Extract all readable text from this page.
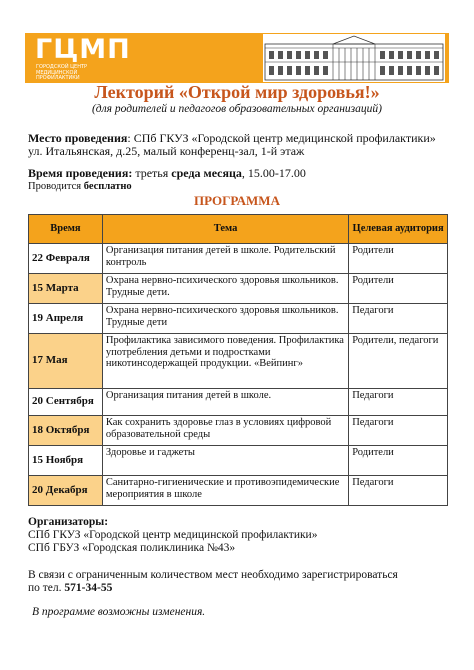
ГЦМП
ГОРОДСКОЙ ЦЕНТР МЕДИЦИНСКОЙ ПРОФИЛАКТИКИ
Лекторий «Открой мир здоровья!»
(для родителей и педагогов образовательных организаций)
Место проведения: СПб ГКУЗ «Городской центр медицинской профилактики» ул. Итальянская, д.25, малый конференц-зал, 1-й этаж
Время проведения: третья среда месяца, 15.00-17.00
Проводится бесплатно
ПРОГРАММА
Время	Тема	Целевая аудитория
22 Февраля	Организация питания детей в школе. Родительский контроль	Родители
15 Марта	Охрана нервно-психического здоровья школьников. Трудные дети.	Родители
19 Апреля	Охрана нервно-психического здоровья школьников. Трудные дети	Педагоги
17 Мая	Профилактика зависимого поведения. Профилактика употребления детьми и подростками никотинсодержащей продукции. «Вейпинг»	Родители, педагоги
20 Сентября	Организация питания детей в школе.	Педагоги
18 Октября	Как сохранить здоровье глаз в условиях цифровой образовательной среды	Педагоги
15 Ноября	Здоровье и гаджеты	Родители
20 Декабря	Санитарно-гигиенические и противоэпидемические мероприятия в школе	Педагоги
Организаторы:
СПб ГКУЗ «Городской центр медицинской профилактики»
СПб ГБУЗ «Городская поликлиника №43»
В связи с ограниченным количеством мест необходимо зарегистрироваться
по тел. 571-34-55
В программе возможны изменения.
